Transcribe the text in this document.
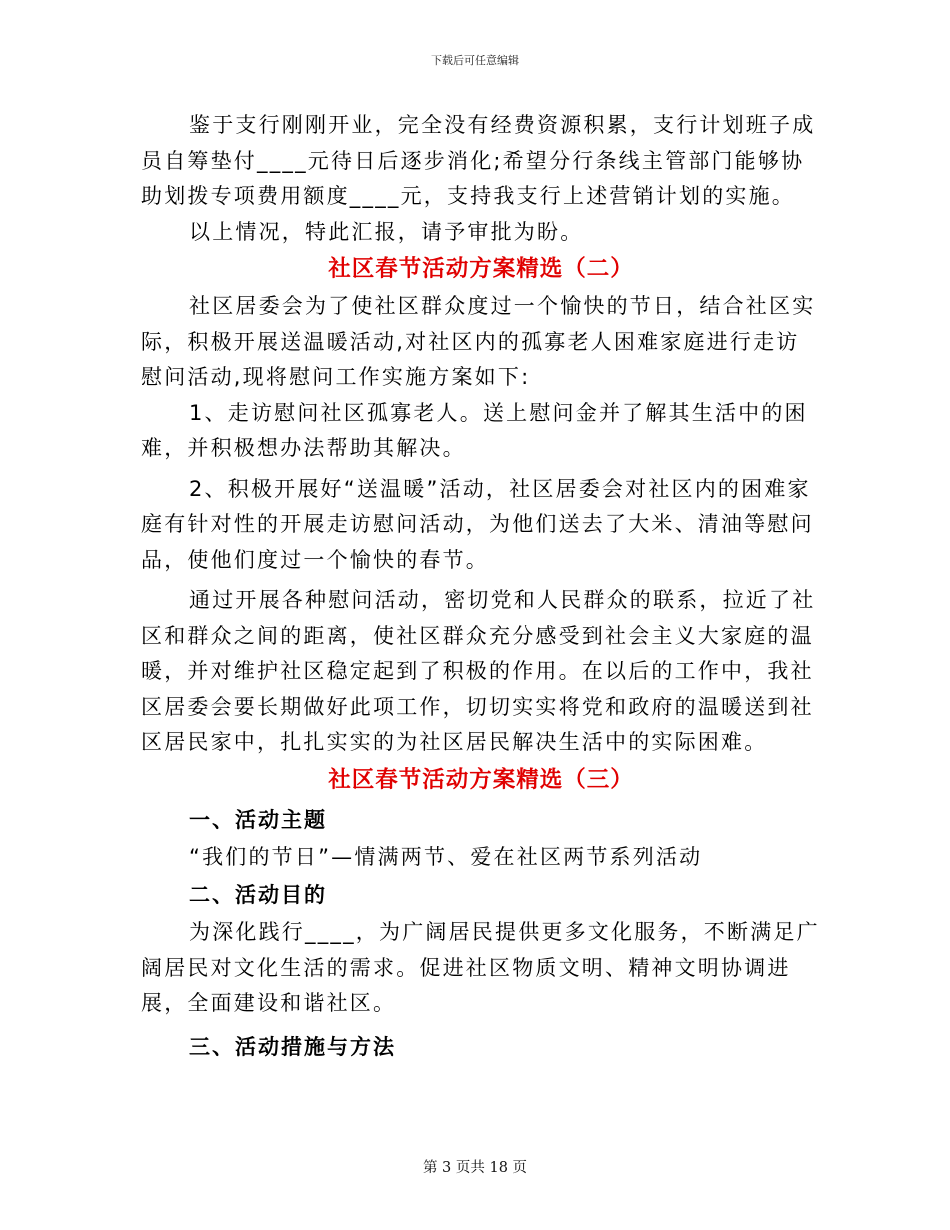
下载后可任意编辑

鉴于支行刚刚开业，完全没有经费资源积累，支行计划班子成员自筹垫付____元待日后逐步消化;希望分行条线主管部门能够协助划拨专项费用额度____元，支持我支行上述营销计划的实施。

以上情况，特此汇报，请予审批为盼。

社区春节活动方案精选（二）

社区居委会为了使社区群众度过一个愉快的节日，结合社区实际，积极开展送温暖活动,对社区内的孤寡老人困难家庭进行走访慰问活动,现将慰问工作实施方案如下:

1、走访慰问社区孤寡老人。送上慰问金并了解其生活中的困难，并积极想办法帮助其解决。

2、积极开展好“送温暖”活动，社区居委会对社区内的困难家庭有针对性的开展走访慰问活动，为他们送去了大米、清油等慰问品，使他们度过一个愉快的春节。

通过开展各种慰问活动，密切党和人民群众的联系，拉近了社区和群众之间的距离，使社区群众充分感受到社会主义大家庭的温暖，并对维护社区稳定起到了积极的作用。在以后的工作中，我社区居委会要长期做好此项工作，切切实实将党和政府的温暖送到社区居民家中，扎扎实实的为社区居民解决生活中的实际困难。

社区春节活动方案精选（三）

一、活动主题

“我们的节日”—情满两节、爱在社区两节系列活动

二、活动目的

为深化践行____，为广阔居民提供更多文化服务，不断满足广阔居民对文化生活的需求。促进社区物质文明、精神文明协调进展，全面建设和谐社区。

三、活动措施与方法

第 3 页共 18 页
